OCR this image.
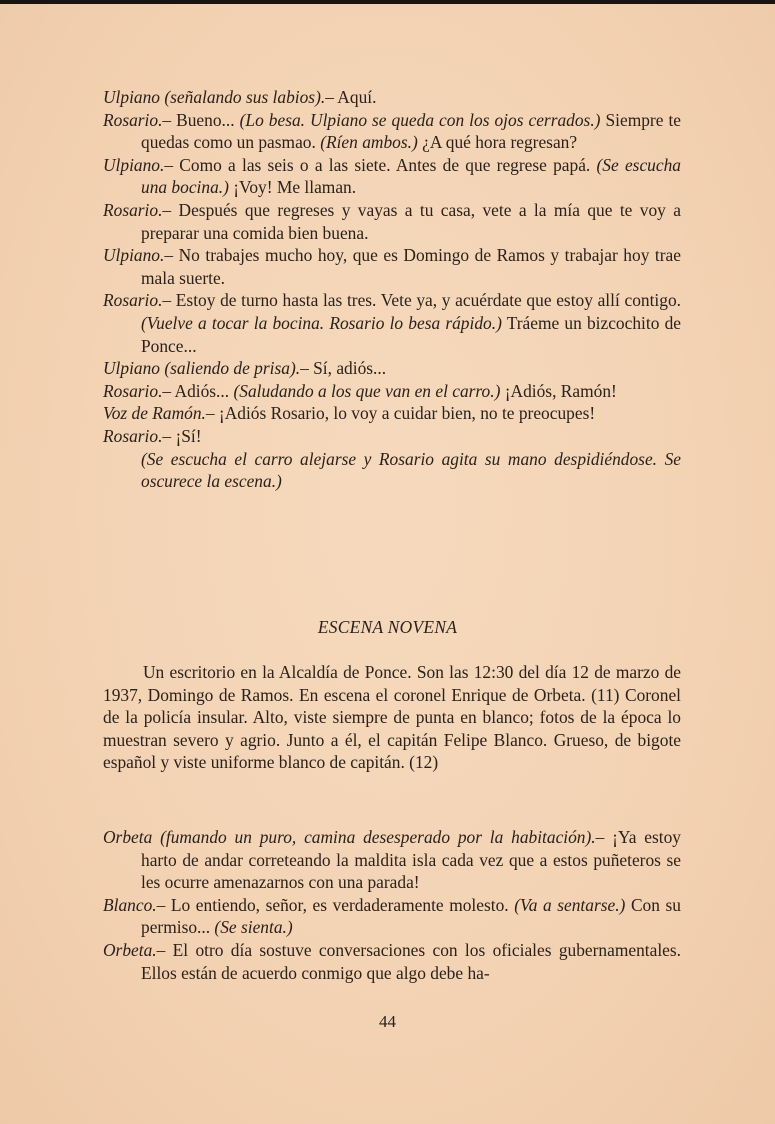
Ulpiano (señalando sus labios).– Aquí.
Rosario.– Bueno... (Lo besa. Ulpiano se queda con los ojos cerrados.) Siempre te quedas como un pasmao. (Ríen ambos.) ¿A qué hora regresan?
Ulpiano.– Como a las seis o a las siete. Antes de que regrese papá. (Se escucha una bocina.) ¡Voy! Me llaman.
Rosario.– Después que regreses y vayas a tu casa, vete a la mía que te voy a preparar una comida bien buena.
Ulpiano.– No trabajes mucho hoy, que es Domingo de Ramos y trabajar hoy trae mala suerte.
Rosario.– Estoy de turno hasta las tres. Vete ya, y acuérdate que estoy allí contigo. (Vuelve a tocar la bocina. Rosario lo besa rápido.) Tráeme un bizcochito de Ponce...
Ulpiano (saliendo de prisa).– Sí, adiós...
Rosario.– Adiós... (Saludando a los que van en el carro.) ¡Adiós, Ramón!
Voz de Ramón.– ¡Adiós Rosario, lo voy a cuidar bien, no te preocupes!
Rosario.– ¡Sí!
(Se escucha el carro alejarse y Rosario agita su mano despidiéndose. Se oscurece la escena.)
ESCENA NOVENA
Un escritorio en la Alcaldía de Ponce. Son las 12:30 del día 12 de marzo de 1937, Domingo de Ramos. En escena el coronel Enrique de Orbeta. (11) Coronel de la policía insular. Alto, viste siempre de punta en blanco; fotos de la época lo muestran severo y agrio. Junto a él, el capitán Felipe Blanco. Grueso, de bigote español y viste uniforme blanco de capitán. (12)
Orbeta (fumando un puro, camina desesperado por la habitación).– ¡Ya estoy harto de andar correteando la maldita isla cada vez que a estos puñeteros se les ocurre amenazarnos con una parada!
Blanco.– Lo entiendo, señor, es verdaderamente molesto. (Va a sentarse.) Con su permiso... (Se sienta.)
Orbeta.– El otro día sostuve conversaciones con los oficiales gubernamentales. Ellos están de acuerdo conmigo que algo debe ha-
44
